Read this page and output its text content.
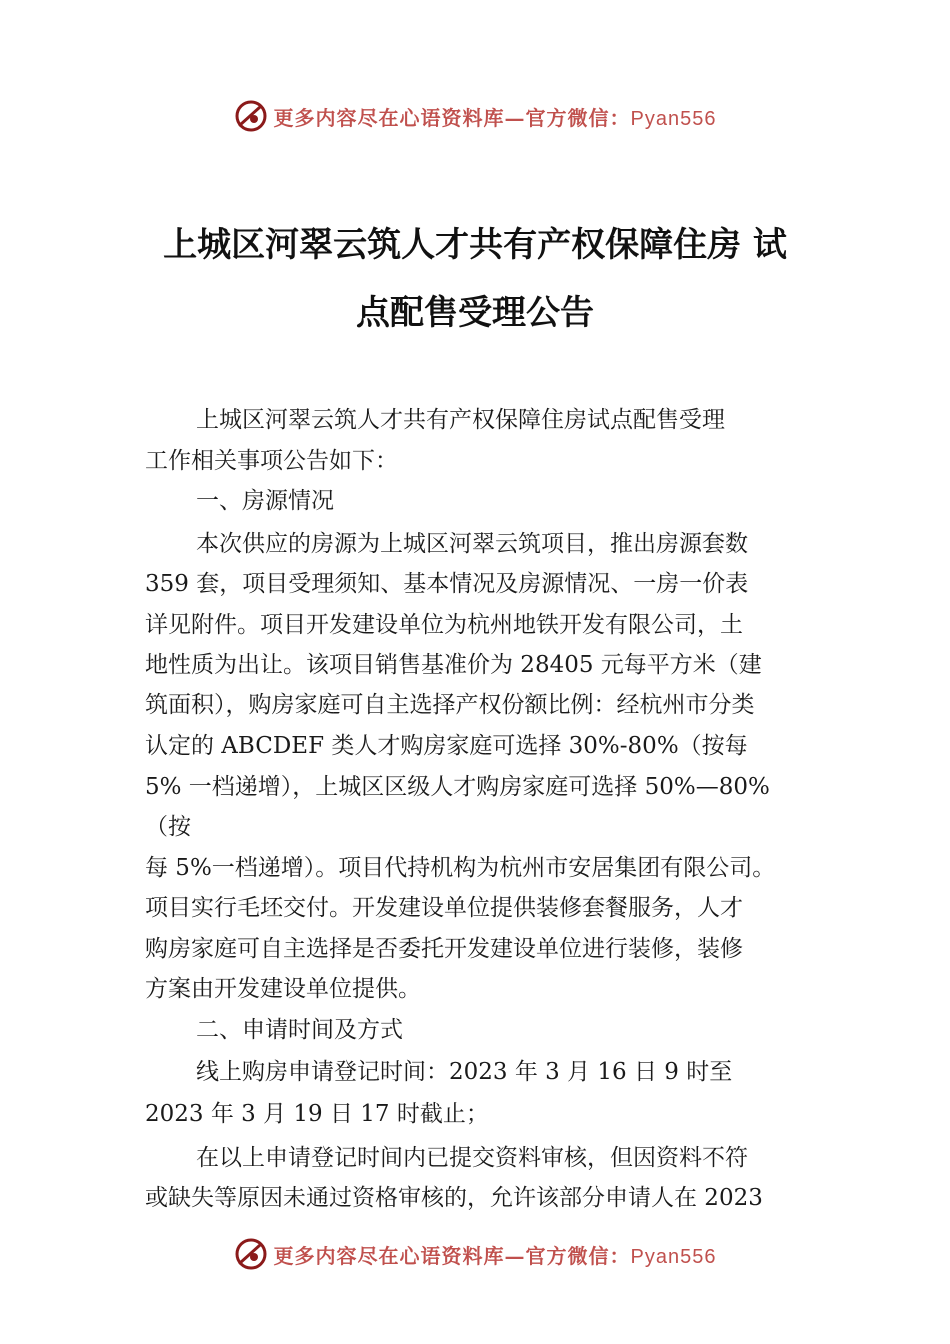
更多内容尽在心语资料库—官方微信：Pyan556
上城区河翠云筑人才共有产权保障住房 试
点配售受理公告
上城区河翠云筑人才共有产权保障住房试点配售受理
工作相关事项公告如下：
一、房源情况
本次供应的房源为上城区河翠云筑项目，推出房源套数
359 套，项目受理须知、基本情况及房源情况、一房一价表
详见附件。项目开发建设单位为杭州地铁开发有限公司，土
地性质为出让。该项目销售基准价为 28405 元每平方米（建
筑面积），购房家庭可自主选择产权份额比例：经杭州市分类
认定的 ABCDEF 类人才购房家庭可选择 30%-80%（按每
5% 一档递增），上城区区级人才购房家庭可选择 50%—80%
（按
每 5%一档递增）。项目代持机构为杭州市安居集团有限公司。
项目实行毛坯交付。开发建设单位提供装修套餐服务，人才
购房家庭可自主选择是否委托开发建设单位进行装修，装修
方案由开发建设单位提供。
二、申请时间及方式
线上购房申请登记时间：2023 年 3 月 16 日 9 时至
2023 年 3 月 19 日 17 时截止；
在以上申请登记时间内已提交资料审核，但因资料不符
或缺失等原因未通过资格审核的，允许该部分申请人在 2023
更多内容尽在心语资料库—官方微信：Pyan556
